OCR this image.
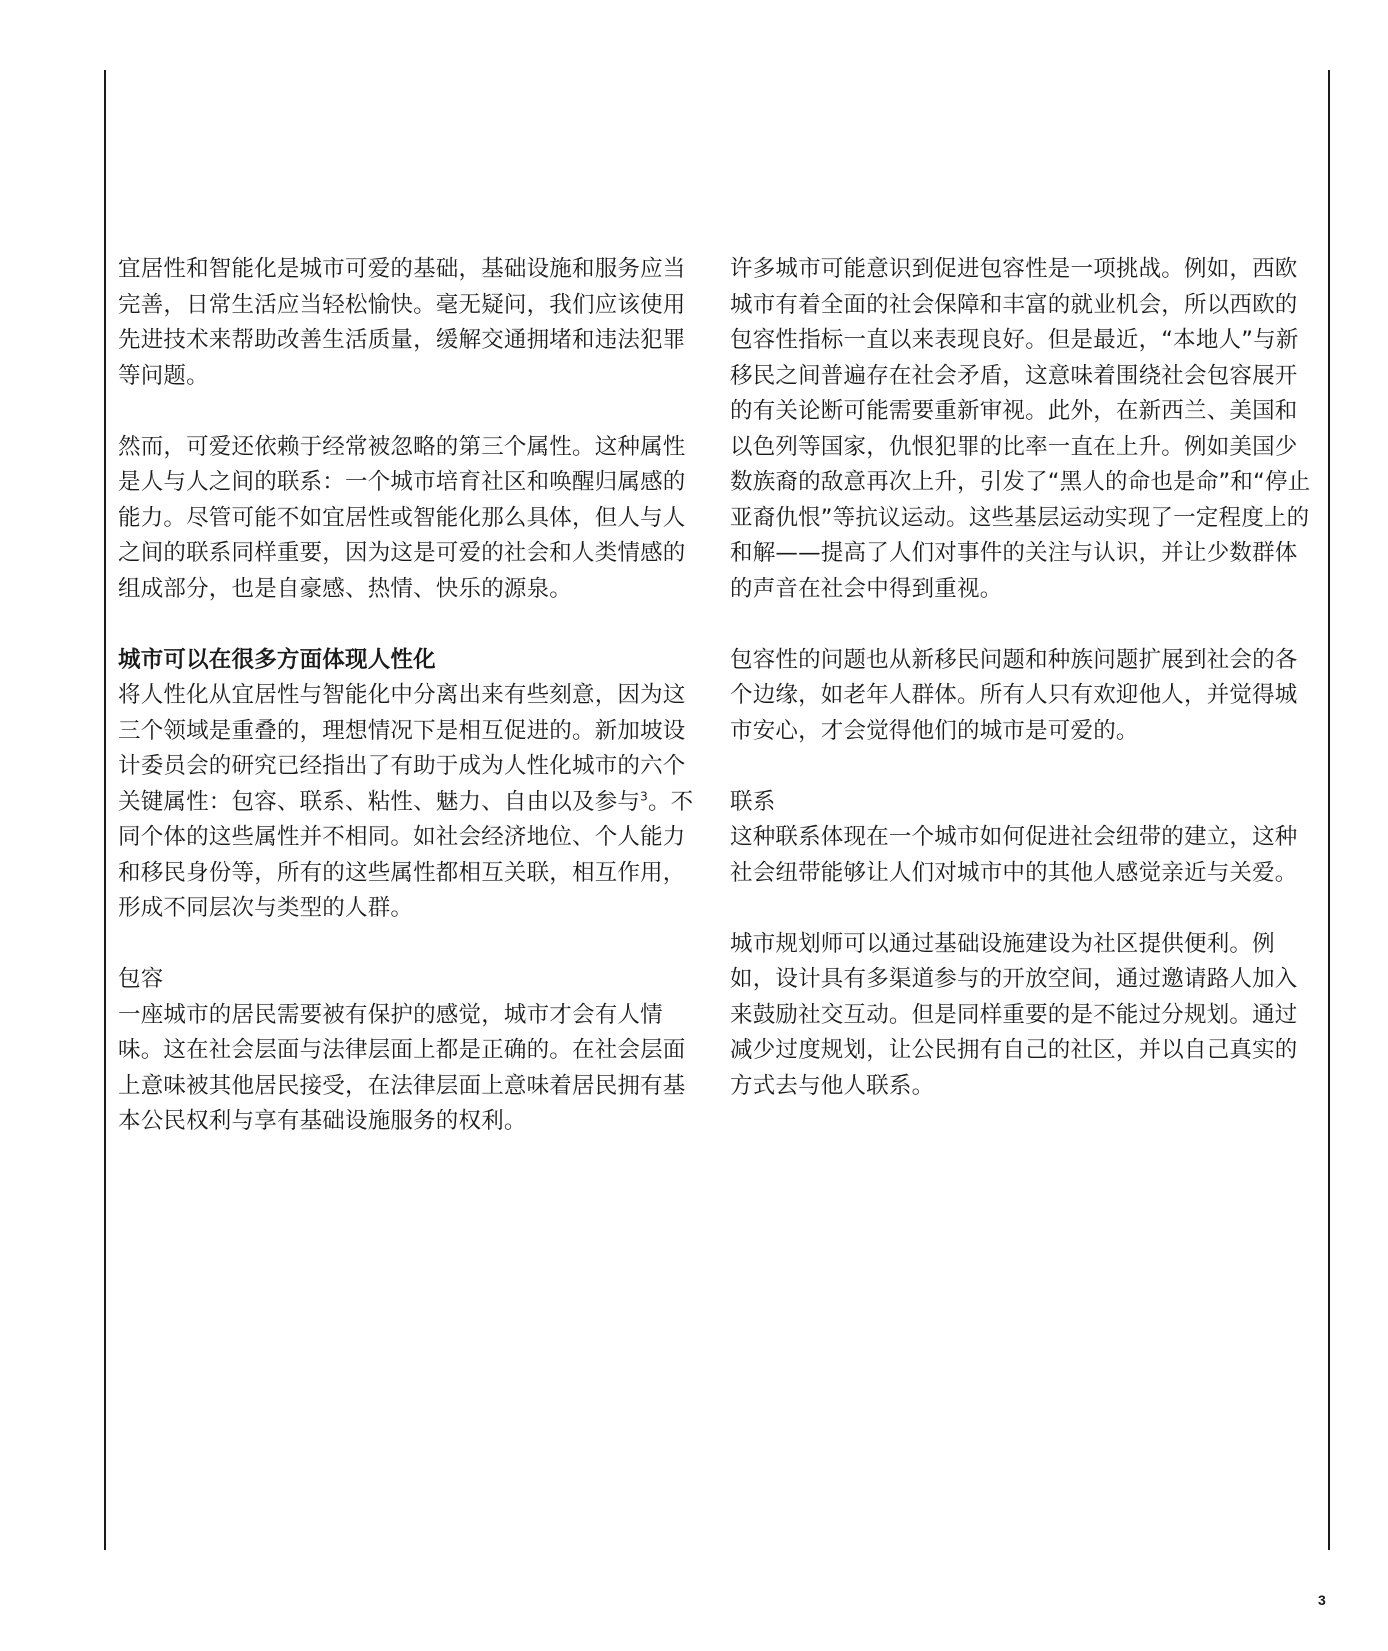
宜居性和智能化是城市可爱的基础，基础设施和服务应当完善，日常生活应当轻松愉快。毫无疑问，我们应该使用先进技术来帮助改善生活质量，缓解交通拥堵和违法犯罪等问题。

然而，可爱还依赖于经常被忽略的第三个属性。这种属性是人与人之间的联系：一个城市培育社区和唤醒归属感的能力。尽管可能不如宜居性或智能化那么具体，但人与人之间的联系同样重要，因为这是可爱的社会和人类情感的组成部分，也是自豪感、热情、快乐的源泉。

城市可以在很多方面体现人性化

将人性化从宜居性与智能化中分离出来有些刻意，因为这三个领域是重叠的，理想情况下是相互促进的。新加坡设计委员会的研究已经指出了有助于成为人性化城市的六个关键属性：包容、联系、粘性、魅力、自由以及参与$^3$。不同个体的这些属性并不相同。如社会经济地位、个人能力和移民身份等，所有的这些属性都相互关联，相互作用，形成不同层次与类型的人群。

包容

一座城市的居民需要被有保护的感觉，城市才会有人情味。这在社会层面与法律层面上都是正确的。在社会层面上意味被其他居民接受，在法律层面上意味着居民拥有基本公民权利与享有基础设施服务的权利。

许多城市可能意识到促进包容性是一项挑战。例如，西欧城市有着全面的社会保障和丰富的就业机会，所以西欧的包容性指标一直以来表现良好。但是最近，“本地人”与新移民之间普遍存在社会矛盾，这意味着围绕社会包容展开的有关论断可能需要重新审视。此外，在新西兰、美国和以色列等国家，仇恨犯罪的比率一直在上升。例如美国少数族裔的敌意再次上升，引发了“黑人的命也是命”和“停止亚裔仇恨”等抗议运动。这些基层运动实现了一定程度上的和解——提高了人们对事件的关注与认识，并让少数群体的声音在社会中得到重视。

包容性的问题也从新移民问题和种族问题扩展到社会的各个边缘，如老年人群体。所有人只有欢迎他人，并觉得城市安心，才会觉得他们的城市是可爱的。

联系

这种联系体现在一个城市如何促进社会纽带的建立，这种社会纽带能够让人们对城市中的其他人感觉亲近与关爱。

城市规划师可以通过基础设施建设为社区提供便利。例如，设计具有多渠道参与的开放空间，通过邀请路人加入来鼓励社交互动。但是同样重要的是不能过分规划。通过减少过度规划，让公民拥有自己的社区，并以自己真实的方式去与他人联系。

3
